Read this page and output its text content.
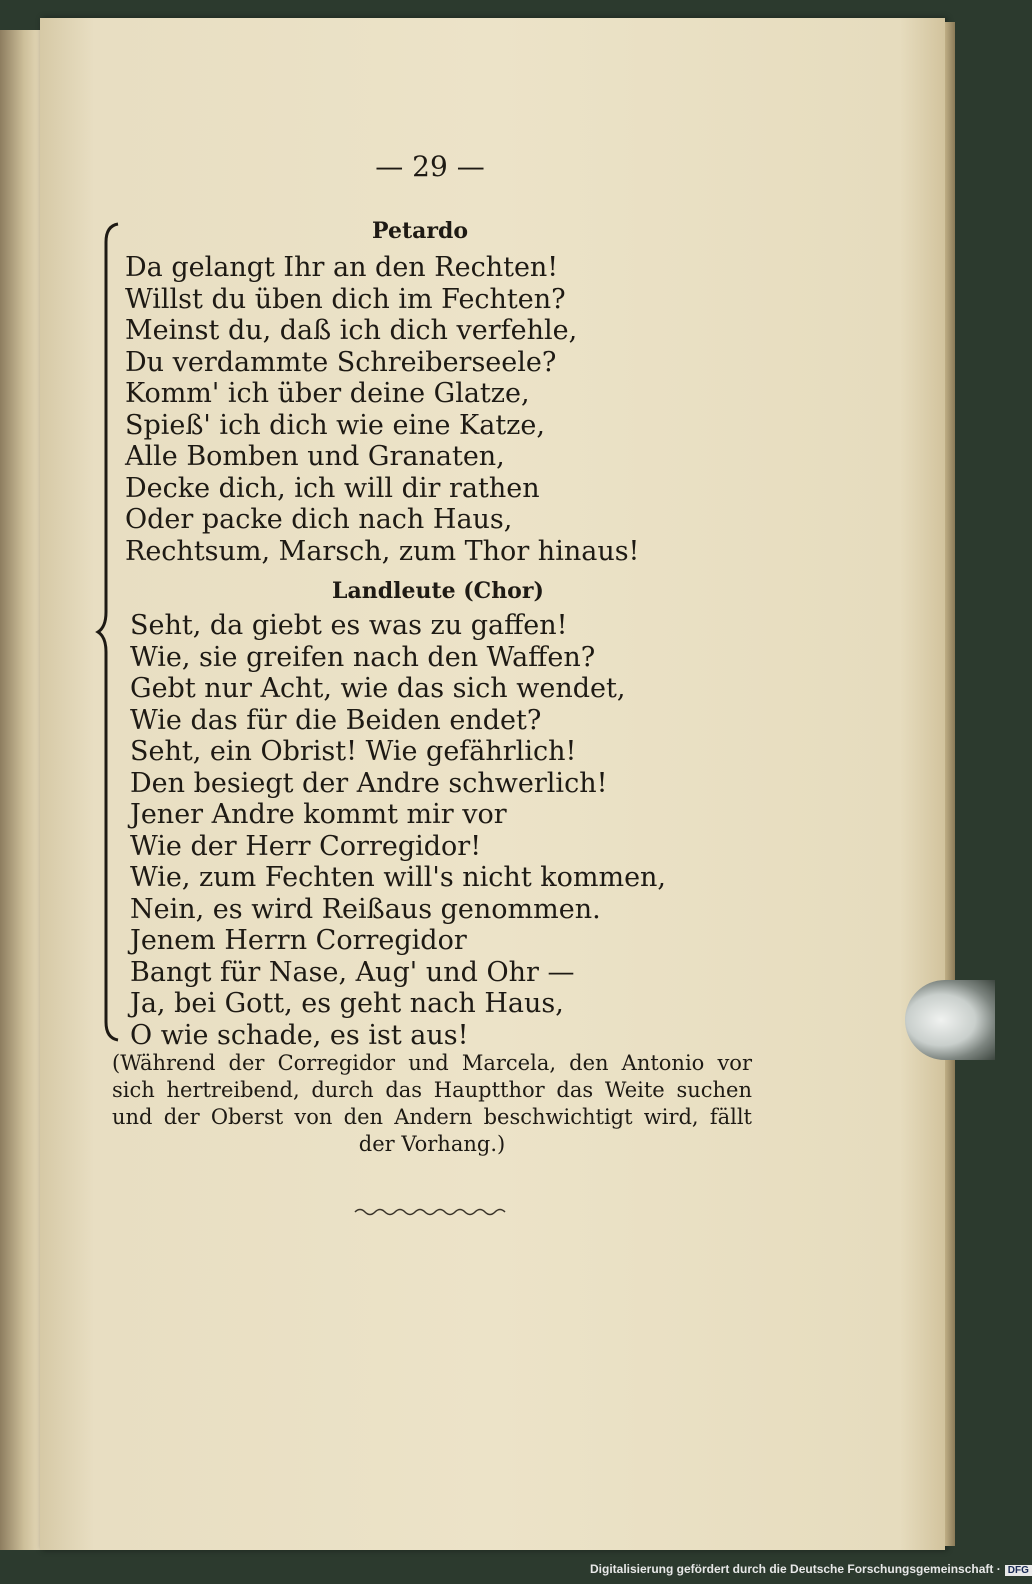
— 29 —
Petardo
Da gelangt Ihr an den Rechten!
Willst du üben dich im Fechten?
Meinst du, daß ich dich verfehle,
Du verdammte Schreiberseele?
Komm' ich über deine Glatze,
Spieß' ich dich wie eine Katze,
Alle Bomben und Granaten,
Decke dich, ich will dir rathen
Oder packe dich nach Haus,
Rechtsum, Marsch, zum Thor hinaus!
Landleute (Chor)
Seht, da giebt es was zu gaffen!
Wie, sie greifen nach den Waffen?
Gebt nur Acht, wie das sich wendet,
Wie das für die Beiden endet?
Seht, ein Obrist! Wie gefährlich!
Den besiegt der Andre schwerlich!
Jener Andre kommt mir vor
Wie der Herr Corregidor!
Wie, zum Fechten will's nicht kommen,
Nein, es wird Reißaus genommen.
Jenem Herrn Corregidor
Bangt für Nase, Aug' und Ohr —
Ja, bei Gott, es geht nach Haus,
O wie schade, es ist aus!
(Während der Corregidor und Marcela, den Antonio vor sich hertreibend, durch das Hauptthor das Weite suchen und der Oberst von den Andern beschwichtigt wird, fällt der Vorhang.)
Digitalisierung gefördert durch die Deutsche Forschungsgemeinschaft · DFG
